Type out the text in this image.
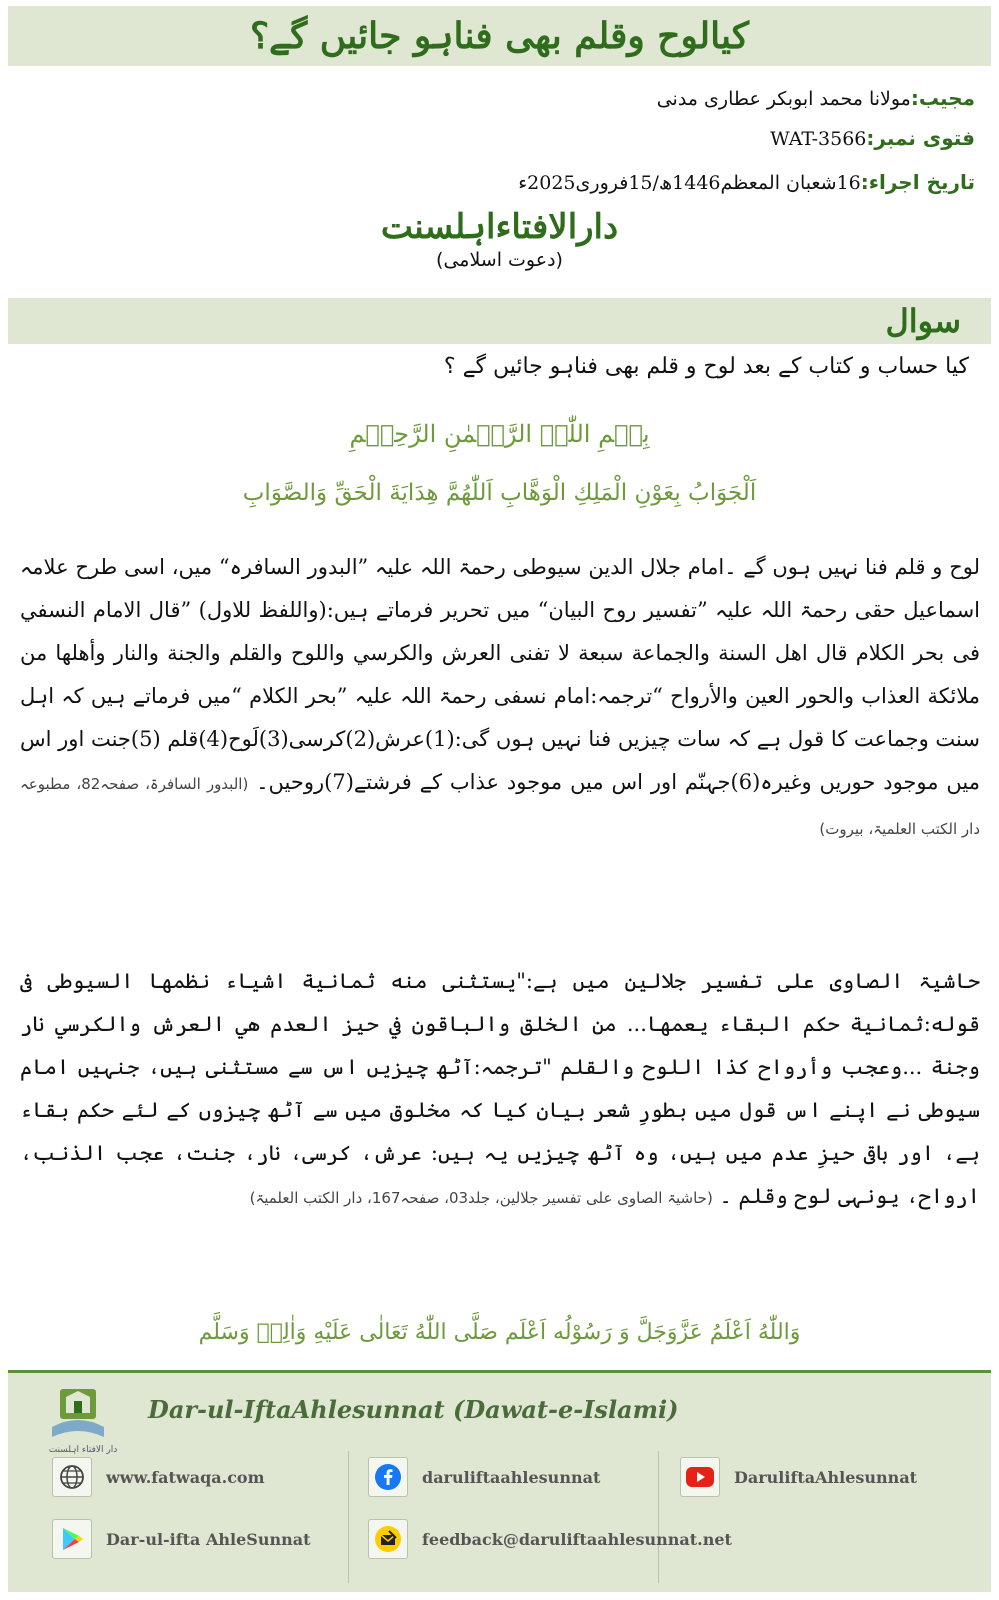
کیالوح وقلم بھی فناہو جائیں گے؟
مجیب:مولانا محمد ابوبکر عطاری مدنی
فتوی نمبر:WAT-3566
تاریخ اجراء:16شعبان المعظم1446ھ/15فروری2025ء
دارالافتاءاہلسنت
(دعوت اسلامی)
سوال
کیا حساب و کتاب کے بعد لوح و قلم بھی فناہو جائیں گے ؟
بِسۡمِ اللّٰہِ الرَّحۡمٰنِ الرَّحِیۡمِ
اَلْجَوَابُ بِعَوْنِ الْمَلِكِ الْوَهَّابِ اَللّٰهُمَّ هِدَايَةَ الْحَقِّ وَالصَّوَابِ
لوح و قلم فنا نہیں ہوں گے ۔امام جلال الدین سیوطی رحمۃ اللہ علیہ ”البدور السافرہ“ میں، اسی طرح علامہ اسماعیل حقی رحمۃ اللہ علیہ ”تفسیر روح البیان“ میں تحریر فرماتے ہیں:(واللفظ للاول) ”قال الامام النسفي فی بحر الکلام قال اهل السنة والجماعة سبعة لا تفنى العرش والكرسي واللوح والقلم والجنة والنار وأهلها من ملائكة العذاب والحور العين والأرواح “ترجمہ:امام نسفی رحمۃ اللہ علیہ ”بحر الکلام “میں فرماتے ہیں کہ اہل سنت وجماعت کا قول ہے کہ سات چیزیں فنا نہیں ہوں گی:(1)عرش(2)کرسی(3)لَوح(4)قلم (5)جنت اور اس میں موجود حوریں وغیرہ(6)جہنّم اور اس میں موجود عذاب کے فرشتے(7)روحیں۔ (البدور السافرۃ، صفحہ82، مطبوعہ دار الکتب العلمیۃ، بیروت)
حاشیۃ الصاوی علی تفسیر جلالین میں ہے:"یستثنی منه ثمانية اشياء نظمها السيوطی فی قوله:ثمانية حكم البقاء يعمها... من الخلق والباقون في حيز العدم هي العرش والكرسي نار وجنة ...وعجب وأرواح كذا اللوح والقلم "ترجمہ:آٹھ چیزیں اس سے مستثنی ہیں، جنہیں امام سیوطی نے اپنے اس قول میں بطورِ شعر بیان کیا کہ مخلوق میں سے آٹھ چیزوں کے لئے حکم بقاء ہے، اور باقی حیزِ عدم میں ہیں، وہ آٹھ چیزیں یہ ہیں: عرش، کرسی، نار، جنت، عجب الذنب، ارواح، یونہی لوح وقلم ۔ (حاشیۃ الصاوی علی تفسیر جلالین، جلد03، صفحہ167، دار الکتب العلمیۃ)
وَاللّٰهُ اَعْلَمُ عَزَّوَجَلَّ وَ رَسُوْلُه اَعْلَم صَلَّی اللّٰهُ تَعَالٰی عَلَیْهِ وَاٰلِهٖ وَسَلَّم
دار الافتاء اہلسنت
Dar-ul-IftaAhlesunnat (Dawat-e-Islami)
www.fatwaqa.com	daruliftaahlesunnat	DaruliftaAhlesunnat
Dar-ul-ifta AhleSunnat	feedback@daruliftaahlesunnat.net
